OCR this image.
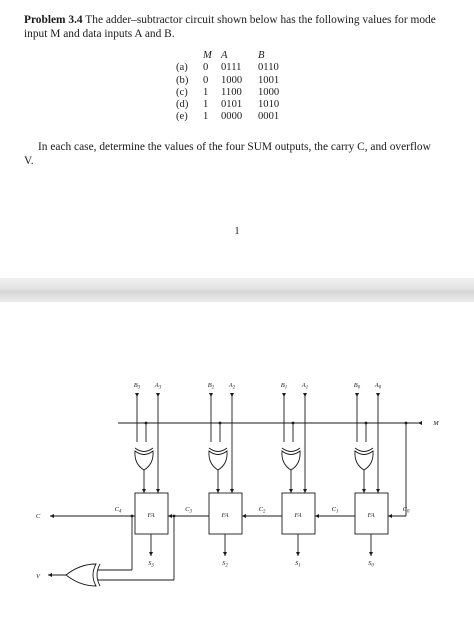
Problem 3.4 The adder–subtractor circuit shown below has the following values for mode input M and data inputs A and B.
	M	A	B
(a)	0	0111	0110
(b)	0	1000	1001
(c)	1	1100	1000
(d)	1	0101	1010
(e)	1	0000	0001
In each case, determine the values of the four SUM outputs, the carry C, and overflow
V.
1
M
$B_3$ $A_3$
FA
$S_3$
$C_3$
$B_2$ $A_2$
FA
$S_2$
$C_2$
$B_1$ $A_1$
FA
$S_1$
$C_1$
$B_0$ $A_0$
FA
$S_0$
$C_0$
C
$C_4$
V
